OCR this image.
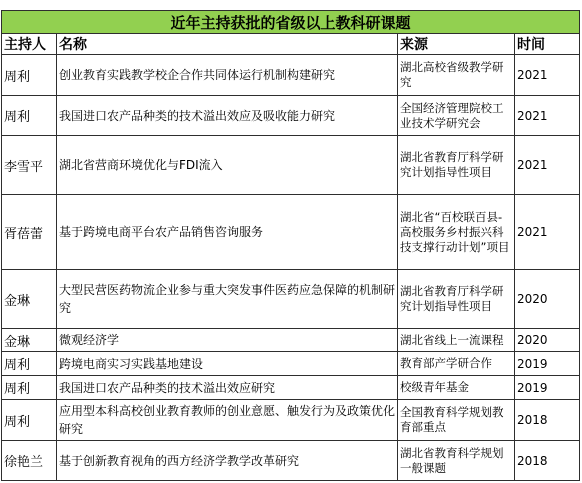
近年主持获批的省级以上教科研课题			
主持人	名称	来源	时间
周利	创业教育实践教学校企合作共同体运行机制构建研究	湖北高校省级教学研究	2021
周利	我国进口农产品种类的技术溢出效应及吸收能力研究	全国经济管理院校工业技术学研究会	2021
李雪平	湖北省营商环境优化与FDI流入	湖北省教育厅科学研究计划指导性项目	2021
胥蓓蕾	基于跨境电商平台农产品销售咨询服务	湖北省“百校联百县-高校服务乡村振兴科技支撑行动计划”项目	2021
金琳	大型民营医药物流企业参与重大突发事件医药应急保障的机制研究	湖北省教育厅科学研究计划指导性项目	2020
金琳	微观经济学	湖北省线上一流课程	2020
周利	跨境电商实习实践基地建设	教育部产学研合作	2019
周利	我国进口农产品种类的技术溢出效应研究	校级青年基金	2019
周利	应用型本科高校创业教育教师的创业意愿、触发行为及政策优化研究	全国教育科学规划教育部重点	2018
徐艳兰	基于创新教育视角的西方经济学教学改革研究	湖北省教育科学规划一般课题	2018
